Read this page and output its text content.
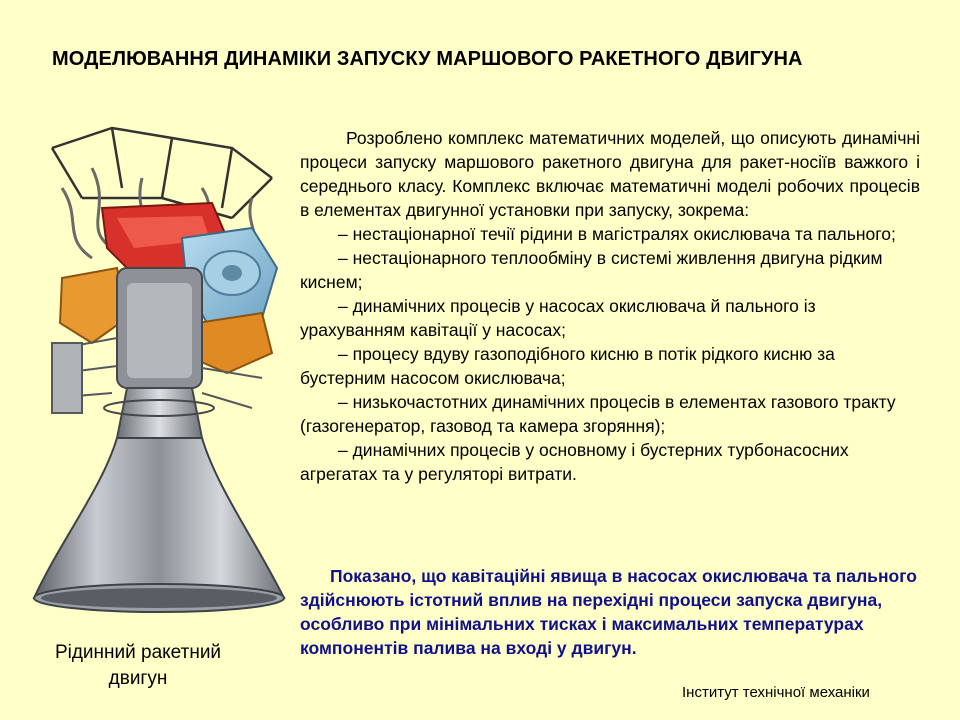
МОДЕЛЮВАННЯ ДИНАМІКИ ЗАПУСКУ МАРШОВОГО РАКЕТНОГО ДВИГУНА
Рідинний ракетний
двигун

Розроблено комплекс математичних моделей, що описують динамічні процеси запуску маршового ракетного двигуна для ракет-носіїв важкого і середнього класу. Комплекс включає математичні моделі робочих процесів в елементах двигунної установки при запуску, зокрема:

– нестаціонарної течії рідини в магістралях окислювача та пального;
– нестаціонарного теплообміну в системі живлення двигуна рідким киснем;
– динамічних процесів у насосах окислювача й пального із урахуванням кавітації у насосах;
– процесу вдуву газоподібного кисню в потік рідкого кисню за бустерним насосом окислювача;
– низькочастотних динамічних процесів в елементах газового тракту (газогенератор, газовод та камера згоряння);
– динамічних процесів у основному і бустерних турбонасосних агрегатах та у регуляторі витрати.

Показано, що кавітаційні явища в насосах окислювача та пального здійснюють істотний вплив на перехідні процеси запуска двигуна, особливо при мінімальних тисках і максимальних температурах компонентів палива на вході у двигун.

Інститут технічної механіки
